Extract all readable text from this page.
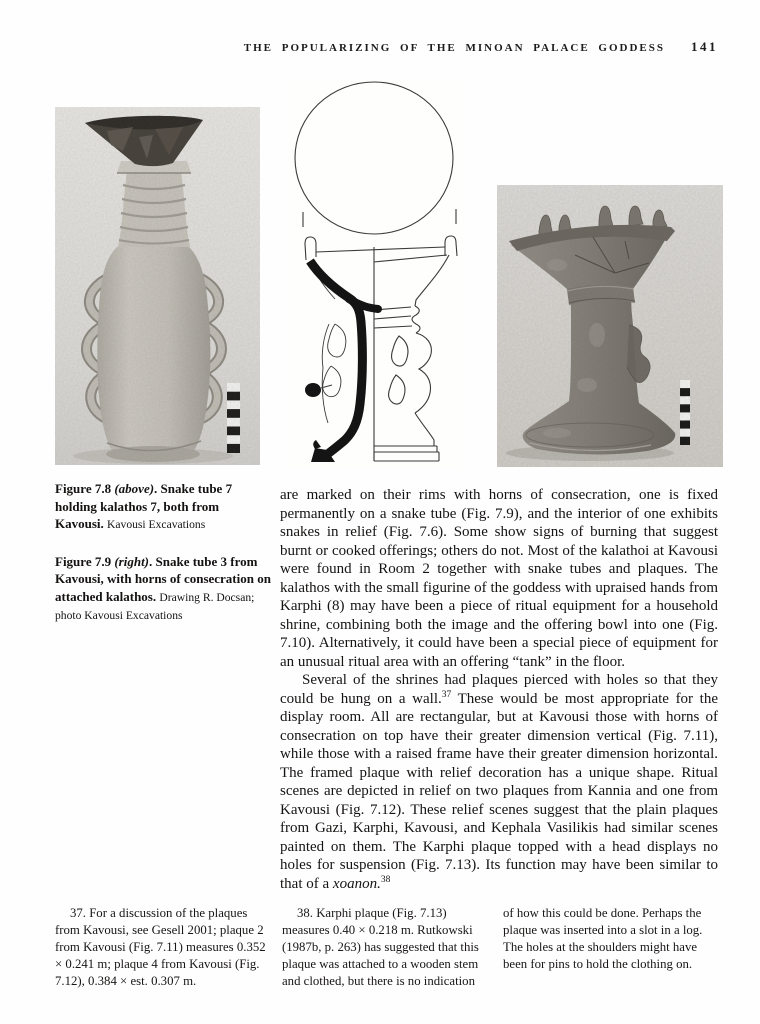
THE POPULARIZING OF THE MINOAN PALACE GODDESS 141

Figure 7.8 (above). Snake tube 7 holding kalathos 7, both from Kavousi. Kavousi Excavations

Figure 7.9 (right). Snake tube 3 from Kavousi, with horns of consecration on attached kalathos. Drawing R. Docsan; photo Kavousi Excavations

are marked on their rims with horns of consecration, one is fixed permanently on a snake tube (Fig. 7.9), and the interior of one exhibits snakes in relief (Fig. 7.6). Some show signs of burning that suggest burnt or cooked offerings; others do not. Most of the kalathoi at Kavousi were found in Room 2 together with snake tubes and plaques. The kalathos with the small figurine of the goddess with upraised hands from Karphi (8) may have been a piece of ritual equipment for a household shrine, combining both the image and the offering bowl into one (Fig. 7.10). Alternatively, it could have been a special piece of equipment for an unusual ritual area with an offering “tank” in the floor.

Several of the shrines had plaques pierced with holes so that they could be hung on a wall.$^{37}$ These would be most appropriate for the display room. All are rectangular, but at Kavousi those with horns of consecration on top have their greater dimension vertical (Fig. 7.11), while those with a raised frame have their greater dimension horizontal. The framed plaque with relief decoration has a unique shape. Ritual scenes are depicted in relief on two plaques from Kannia and one from Kavousi (Fig. 7.12). These relief scenes suggest that the plain plaques from Gazi, Karphi, Kavousi, and Kephala Vasilikis had similar scenes painted on them. The Karphi plaque topped with a head displays no holes for suspension (Fig. 7.13). Its function may have been similar to that of a xoanon.$^{38}$

37. For a discussion of the plaques from Kavousi, see Gesell 2001; plaque 2 from Kavousi (Fig. 7.11) measures 0.352 × 0.241 m; plaque 4 from Kavousi (Fig. 7.12), 0.384 × est. 0.307 m.

38. Karphi plaque (Fig. 7.13) measures 0.40 × 0.218 m. Rutkowski (1987b, p. 263) has suggested that this plaque was attached to a wooden stem and clothed, but there is no indication

of how this could be done. Perhaps the plaque was inserted into a slot in a log. The holes at the shoulders might have been for pins to hold the clothing on.
